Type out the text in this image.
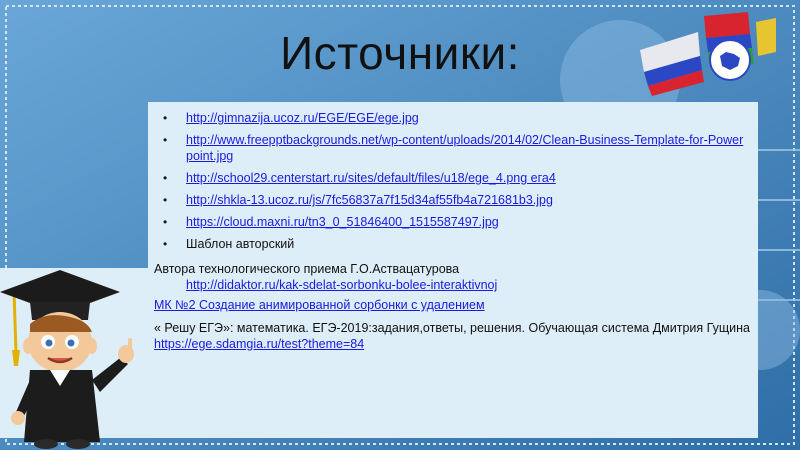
Источники:
• http://gimnazija.ucoz.ru/EGE/EGE/ege.jpg
• http://www.freepptbackgrounds.net/wp-content/uploads/2014/02/Clean-Business-Template-for-Powerpoint.jpg
• http://school29.centerstart.ru/sites/default/files/u18/ege_4.png ега4
• http://shkla-13.ucoz.ru/js/7fc56837a7f15d34af55fb4a721681b3.jpg
• https://cloud.maxni.ru/tn3_0_51846400_1515587497.jpg
• Шаблон авторский
Автора технологического приема Г.О.Аствацатурова
http://didaktor.ru/kak-sdelat-sorbonku-bolee-interaktivnoj
МК №2 Создание анимированной сорбонки с удалением
« Решу ЕГЭ»: математика. ЕГЭ-2019:задания,ответы, решения. Обучающая система Дмитрия Гущина https://ege.sdamgia.ru/test?theme=84
